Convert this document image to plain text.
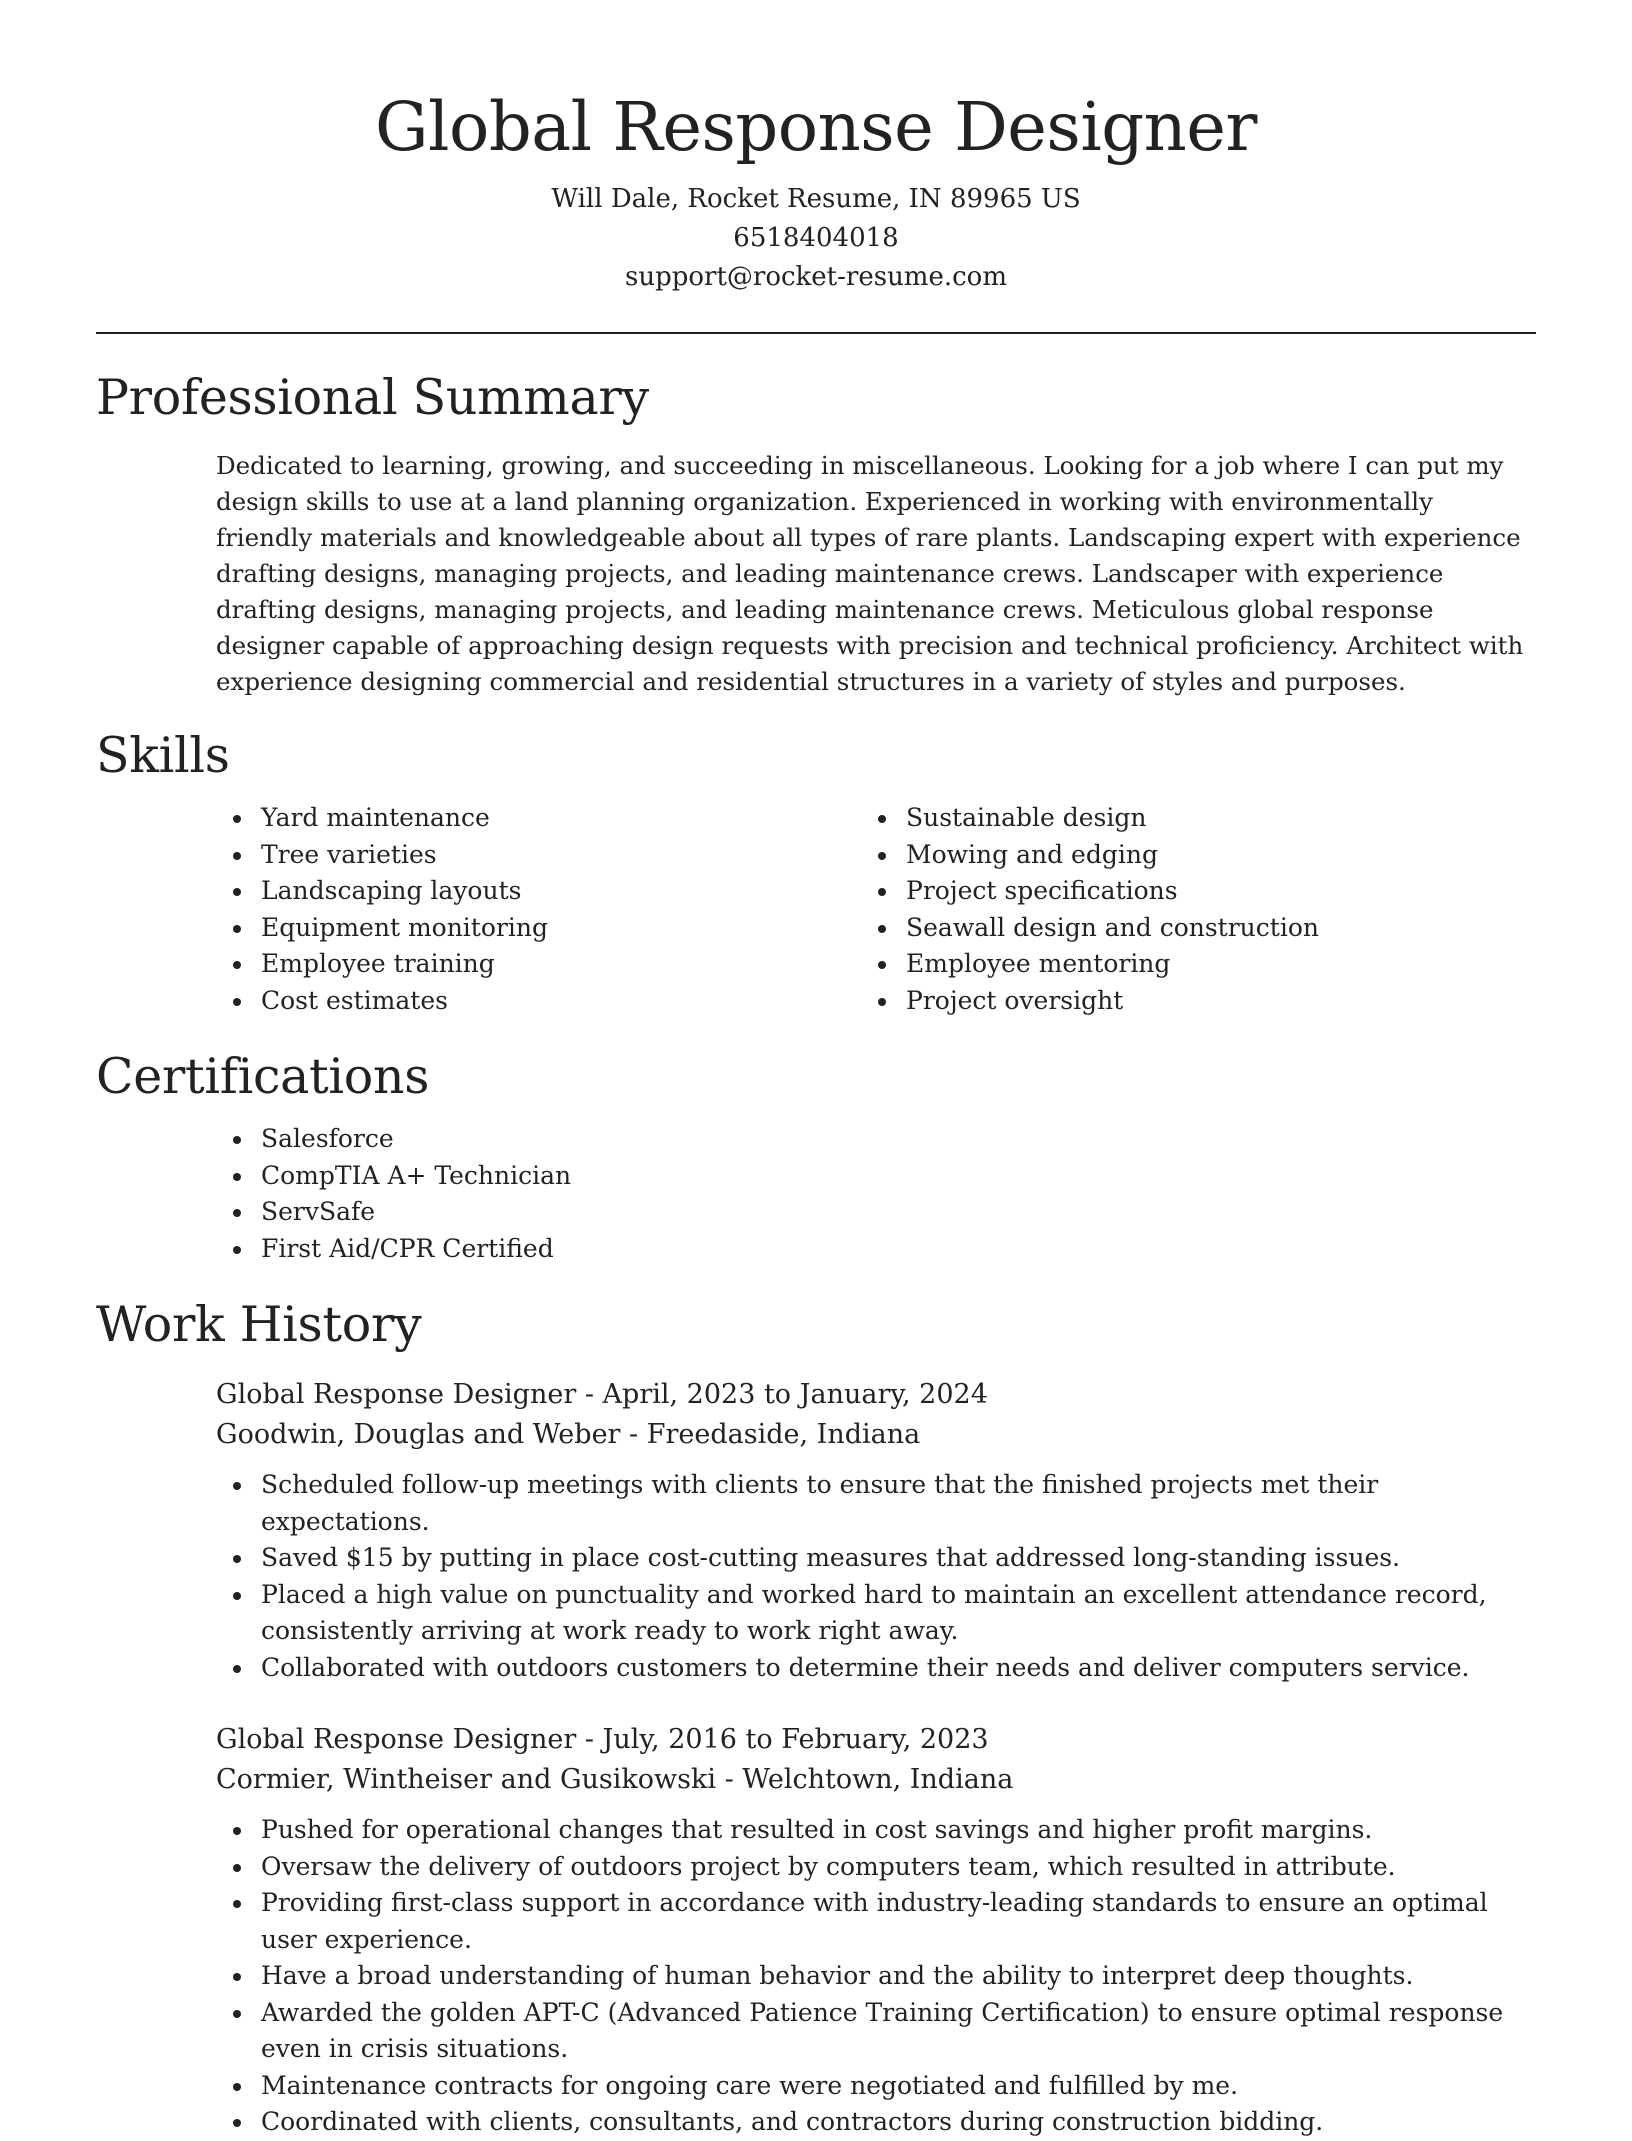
Global Response Designer

Will Dale, Rocket Resume, IN 89965 US

6518404018

support@rocket-resume.com

Professional Summary

Dedicated to learning, growing, and succeeding in miscellaneous. Looking for a job where I can put my design skills to use at a land planning organization. Experienced in working with environmentally friendly materials and knowledgeable about all types of rare plants. Landscaping expert with experience drafting designs, managing projects, and leading maintenance crews. Landscaper with experience drafting designs, managing projects, and leading maintenance crews. Meticulous global response designer capable of approaching design requests with precision and technical proficiency. Architect with experience designing commercial and residential structures in a variety of styles and purposes.

Skills
Yard maintenance
Tree varieties
Landscaping layouts
Equipment monitoring
Employee training
Cost estimates
Sustainable design
Mowing and edging
Project specifications
Seawall design and construction
Employee mentoring
Project oversight
Certifications
Salesforce
CompTIA A+ Technician
ServSafe
First Aid/CPR Certified
Work History

Global Response Designer - April, 2023 to January, 2024

Goodwin, Douglas and Weber - Freedaside, Indiana

Scheduled follow-up meetings with clients to ensure that the finished projects met their expectations.
Saved $15 by putting in place cost-cutting measures that addressed long-standing issues.
Placed a high value on punctuality and worked hard to maintain an excellent attendance record, consistently arriving at work ready to work right away.
Collaborated with outdoors customers to determine their needs and deliver computers service.

Global Response Designer - July, 2016 to February, 2023

Cormier, Wintheiser and Gusikowski - Welchtown, Indiana

Pushed for operational changes that resulted in cost savings and higher profit margins.
Oversaw the delivery of outdoors project by computers team, which resulted in attribute.
Providing first-class support in accordance with industry-leading standards to ensure an optimal user experience.
Have a broad understanding of human behavior and the ability to interpret deep thoughts.
Awarded the golden APT-C (Advanced Patience Training Certification) to ensure optimal response even in crisis situations.
Maintenance contracts for ongoing care were negotiated and fulfilled by me.
Coordinated with clients, consultants, and contractors during construction bidding.
